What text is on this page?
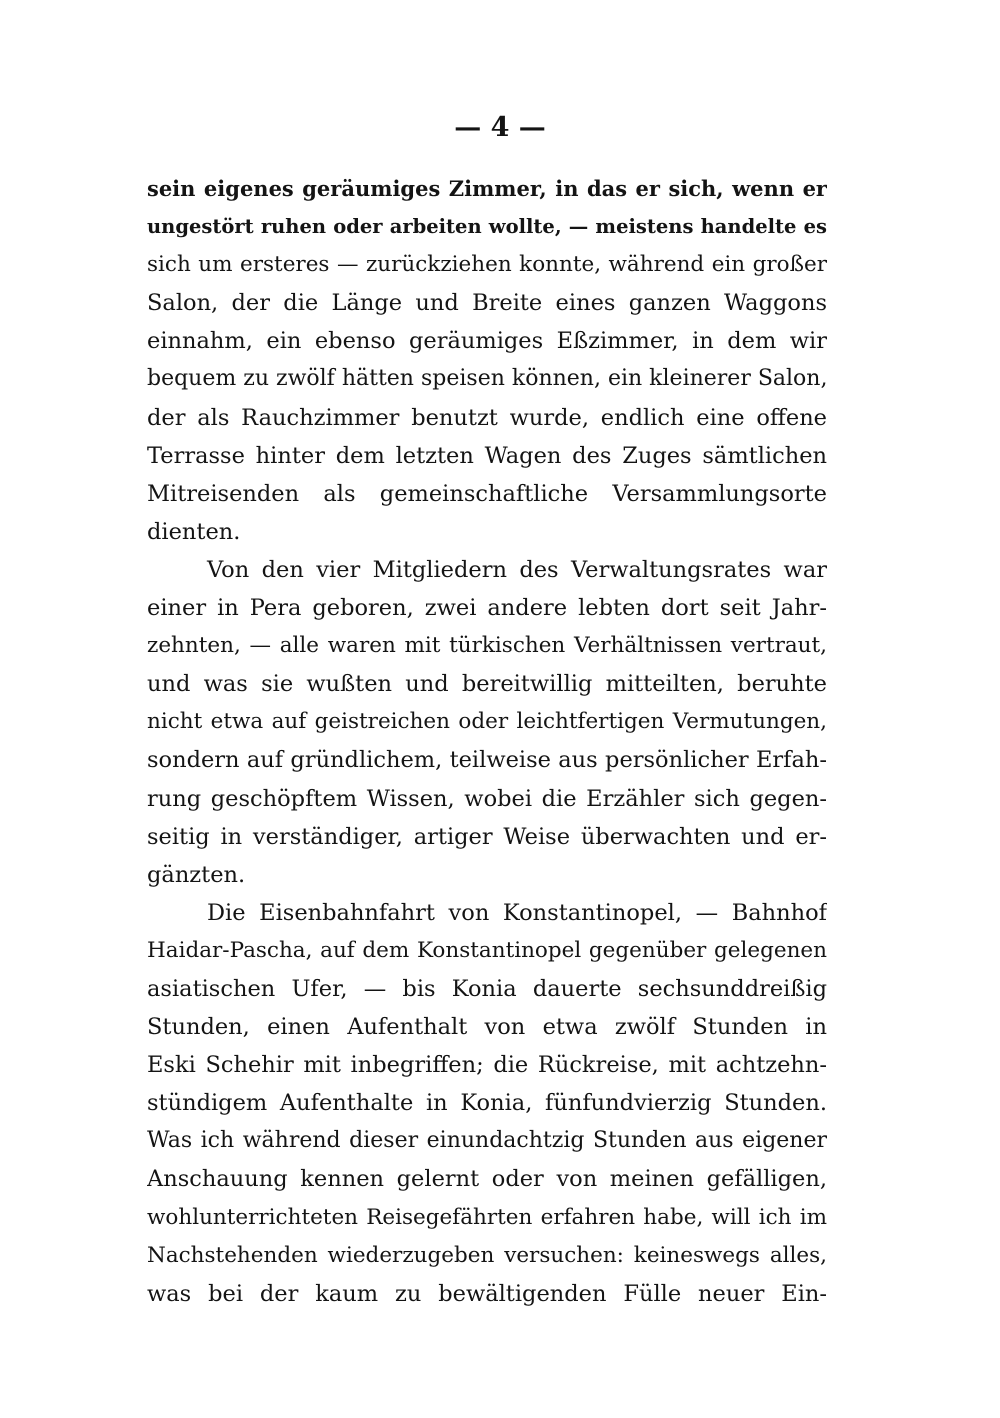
— 4 —
sein eigenes geräumiges Zimmer, in das er sich, wenn er
ungestört ruhen oder arbeiten wollte, — meistens handelte es
sich um ersteres — zurückziehen konnte, während ein großer
Salon, der die Länge und Breite eines ganzen Waggons
einnahm, ein ebenso geräumiges Eßzimmer, in dem wir
bequem zu zwölf hätten speisen können, ein kleinerer Salon,
der als Rauchzimmer benutzt wurde, endlich eine offene
Terrasse hinter dem letzten Wagen des Zuges sämtlichen
Mitreisenden als gemeinschaftliche Versammlungsorte
dienten.
Von den vier Mitgliedern des Verwaltungsrates war
einer in Pera geboren, zwei andere lebten dort seit Jahr-
zehnten, — alle waren mit türkischen Verhältnissen vertraut,
und was sie wußten und bereitwillig mitteilten, beruhte
nicht etwa auf geistreichen oder leichtfertigen Vermutungen,
sondern auf gründlichem, teilweise aus persönlicher Erfah-
rung geschöpftem Wissen, wobei die Erzähler sich gegen-
seitig in verständiger, artiger Weise überwachten und er-
gänzten.
Die Eisenbahnfahrt von Konstantinopel, — Bahnhof
Haidar-Pascha, auf dem Konstantinopel gegenüber gelegenen
asiatischen Ufer, — bis Konia dauerte sechsunddreißig
Stunden, einen Aufenthalt von etwa zwölf Stunden in
Eski Schehir mit inbegriffen; die Rückreise, mit achtzehn-
stündigem Aufenthalte in Konia, fünfundvierzig Stunden.
Was ich während dieser einundachtzig Stunden aus eigener
Anschauung kennen gelernt oder von meinen gefälligen,
wohlunterrichteten Reisegefährten erfahren habe, will ich im
Nachstehenden wiederzugeben versuchen: keineswegs alles,
was bei der kaum zu bewältigenden Fülle neuer Ein-
